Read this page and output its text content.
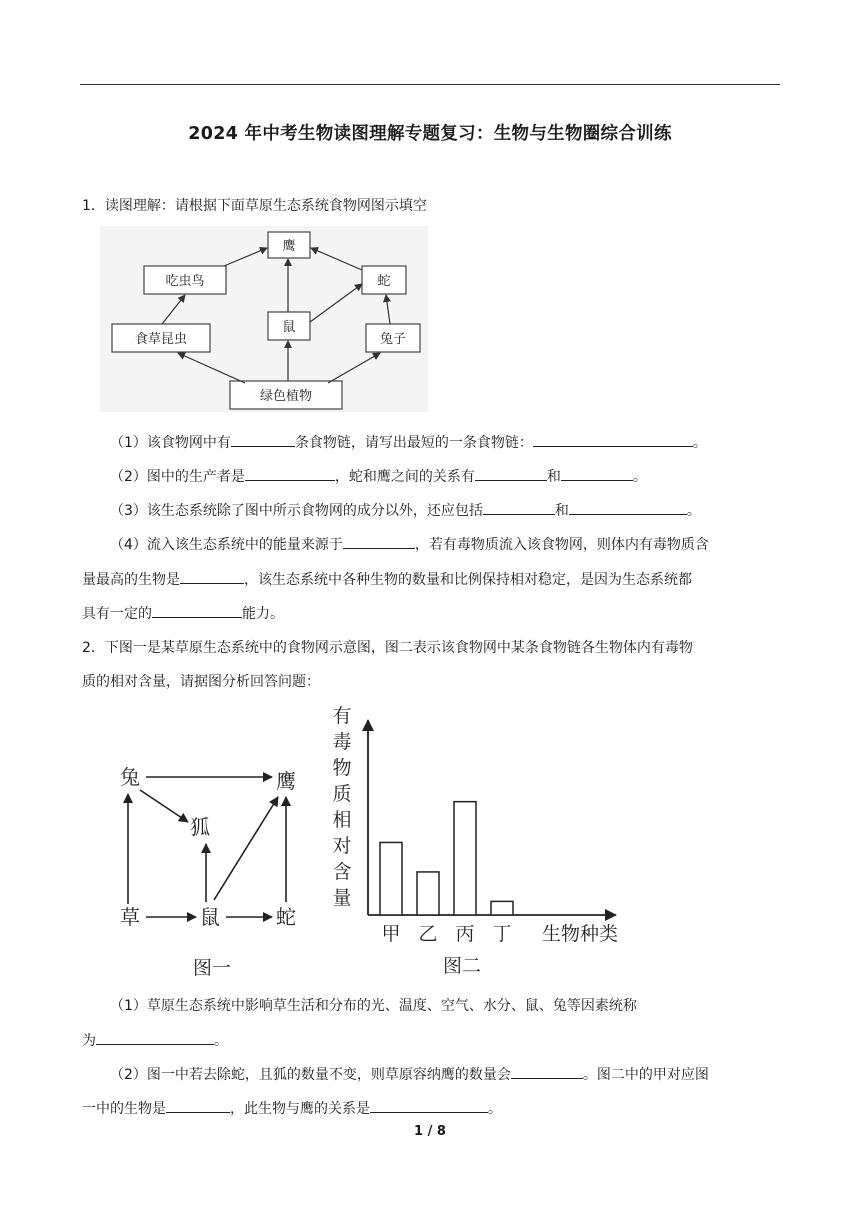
2024 年中考生物读图理解专题复习：生物与生物圈综合训练
1．读图理解：请根据下面草原生态系统食物网图示填空
鹰
吃虫鸟	蛇
鼠
食草昆虫	兔子
绿色植物
（1）该食物网中有	条食物链，请写出最短的一条食物链：	。
（2）图中的生产者是	，蛇和鹰之间的关系有	和	。
（3）该生态系统除了图中所示食物网的成分以外，还应包括	和	。
（4）流入该生态系统中的能量来源于	，若有毒物质流入该食物网，则体内有毒物质含
量最高的生物是	，该生态系统中各种生物的数量和比例保持相对稳定，是因为生态系统都
具有一定的	能力。
2．下图一是某草原生态系统中的食物网示意图，图二表示该食物网中某条食物链各生物体内有毒物
质的相对含量，请据图分析回答问题：
兔	鹰
狐
草	鼠	蛇
图一
有毒物质相对含量
甲 乙 丙 丁 生物种类
图二
（1）草原生态系统中影响草生活和分布的光、温度、空气、水分、鼠、兔等因素统称
为	。
（2）图一中若去除蛇，且狐的数量不变，则草原容纳鹰的数量会	。图二中的甲对应图
一中的生物是	，此生物与鹰的关系是	。
1 / 8
